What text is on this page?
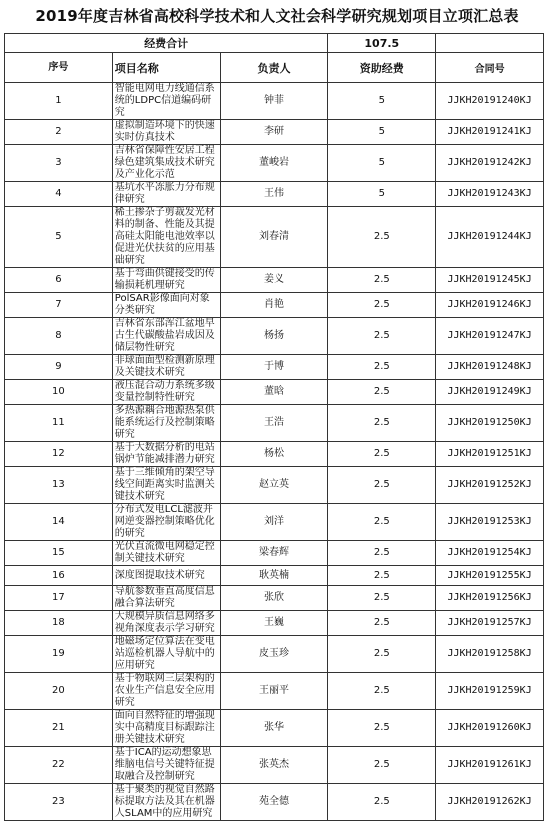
2019年度吉林省高校科学技术和人文社会科学研究规划项目立项汇总表
经费合计			107.5	
序号	项目名称	负责人	资助经费	合同号
1	智能电网电力线通信系统的LDPC信道编码研究	钟菲	5	JJKH20191240KJ
2	虚拟制造环境下的快速实时仿真技术	李研	5	JJKH20191241KJ
3	吉林省保障性安居工程绿色建筑集成技术研究及产业化示范	董峻岩	5	JJKH20191242KJ
4	基坑水平冻胀力分布规律研究	王伟	5	JJKH20191243KJ
5	稀土掺杂子剪裁发光材料的制备、性能及其提高硅太阳能电池效率以促进光伏扶贫的应用基础研究	刘春清	2.5	JJKH20191244KJ
6	基于弯曲供键接受的传输损耗机理研究	姜义	2.5	JJKH20191245KJ
7	PolSAR影像面向对象分类研究	肖艳	2.5	JJKH20191246KJ
8	吉林省东部浑江盆地早古生代碳酸盐岩成因及储层物性研究	杨扬	2.5	JJKH20191247KJ
9	非球面面型检测新原理及关键技术研究	于博	2.5	JJKH20191248KJ
10	液压混合动力系统多级变量控制特性研究	董晗	2.5	JJKH20191249KJ
11	多热源耦合地源热泵供能系统运行及控制策略研究	王浩	2.5	JJKH20191250KJ
12	基于大数据分析的电站锅炉节能减排潜力研究	杨松	2.5	JJKH20191251KJ
13	基于三维倾角的架空导线空间距离实时监测关键技术研究	赵立英	2.5	JJKH20191252KJ
14	分布式发电LCL滤波并网逆变器控制策略优化的研究	刘洋	2.5	JJKH20191253KJ
15	光伏直流微电网稳定控制关键技术研究	梁春辉	2.5	JJKH20191254KJ
16	深度图提取技术研究	耿英楠	2.5	JJKH20191255KJ
17	导航参数垂直高度信息融合算法研究	张欣	2.5	JJKH20191256KJ
18	大规模异质信息网络多视角深度表示学习研究	王巍	2.5	JJKH20191257KJ
19	地磁场定位算法在变电站巡检机器人导航中的应用研究	皮玉珍	2.5	JJKH20191258KJ
20	基于物联网三层架构的农业生产信息安全应用研究	王丽平	2.5	JJKH20191259KJ
21	面向自然特征的增强现实中高精度目标跟踪注册关键技术研究	张华	2.5	JJKH20191260KJ
22	基于ICA的运动想象思维脑电信号关键特征提取融合及控制研究	张英杰	2.5	JJKH20191261KJ
23	基于聚类的视觉自然路标提取方法及其在机器人SLAM中的应用研究	苑全德	2.5	JJKH20191262KJ
